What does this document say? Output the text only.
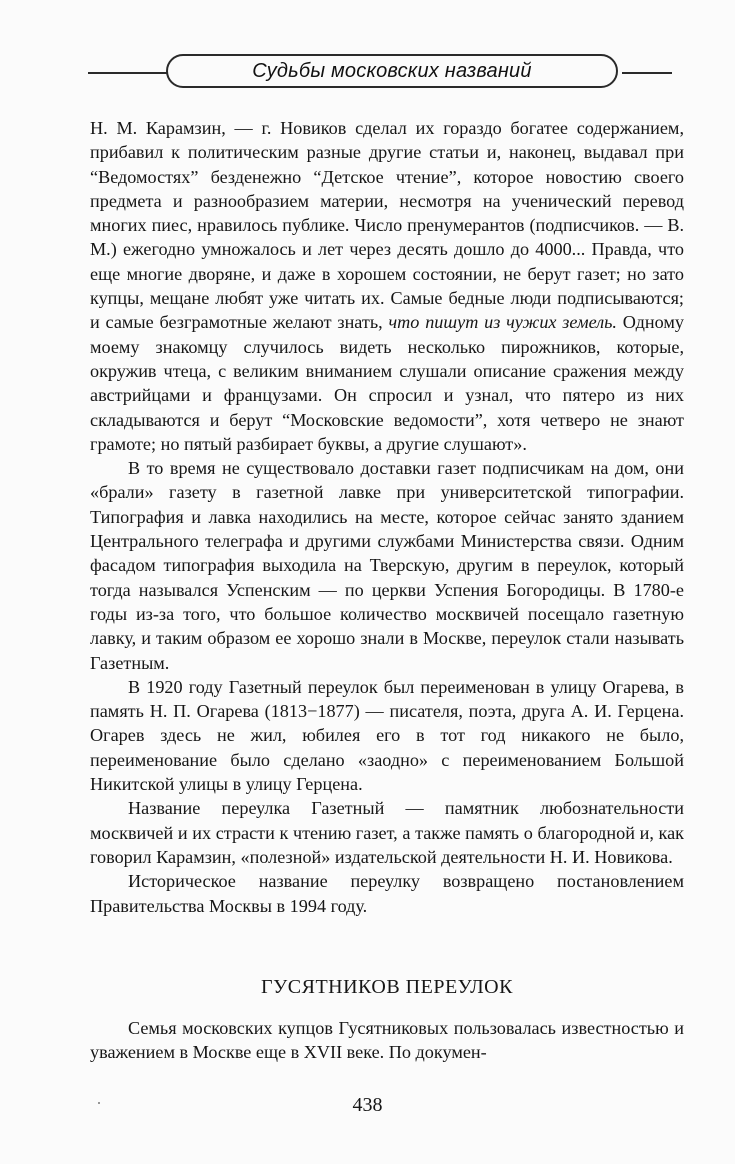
Судьбы московских названий

Н. М. Карамзин, — г. Новиков сделал их гораздо богатее содержанием, прибавил к политическим разные другие статьи и, наконец, выдавал при “Ведомостях” безденежно “Детское чтение”, которое новостию своего предмета и разнообразием материи, несмотря на ученический перевод многих пиес, нравилось публике. Число пренумерантов (подписчиков. — В. М.) ежегодно умножалось и лет через десять дошло до 4000... Правда, что еще многие дворяне, и даже в хорошем состоянии, не берут газет; но зато купцы, мещане любят уже читать их. Самые бедные люди подписываются; и самые безграмотные желают знать, что пишут из чужих земель. Одному моему знакомцу случилось видеть несколько пирожников, которые, окружив чтеца, с великим вниманием слушали описание сражения между австрийцами и французами. Он спросил и узнал, что пятеро из них складываются и берут “Московские ведомости”, хотя четверо не знают грамоте; но пятый разбирает буквы, а другие слушают».

В то время не существовало доставки газет подписчикам на дом, они «брали» газету в газетной лавке при университетской типографии. Типография и лавка находились на месте, которое сейчас занято зданием Центрального телеграфа и другими службами Министерства связи. Одним фасадом типография выходила на Тверскую, другим в переулок, который тогда назывался Успенским — по церкви Успения Богородицы. В 1780-е годы из-за того, что большое количество москвичей посещало газетную лавку, и таким образом ее хорошо знали в Москве, переулок стали называть Газетным.

В 1920 году Газетный переулок был переименован в улицу Огарева, в память Н. П. Огарева (1813−1877) — писателя, поэта, друга А. И. Герцена. Огарев здесь не жил, юбилея его в тот год никакого не было, переименование было сделано «заодно» с переименованием Большой Никитской улицы в улицу Герцена.

Название переулка Газетный — памятник любознательности москвичей и их страсти к чтению газет, а также память о благородной и, как говорил Карамзин, «полезной» издательской деятельности Н. И. Новикова.

Историческое название переулку возвращено постановлением Правительства Москвы в 1994 году.

ГУСЯТНИКОВ ПЕРЕУЛОК

Семья московских купцов Гусятниковых пользовалась известностью и уважением в Москве еще в XVII веке. По докумен-

438
